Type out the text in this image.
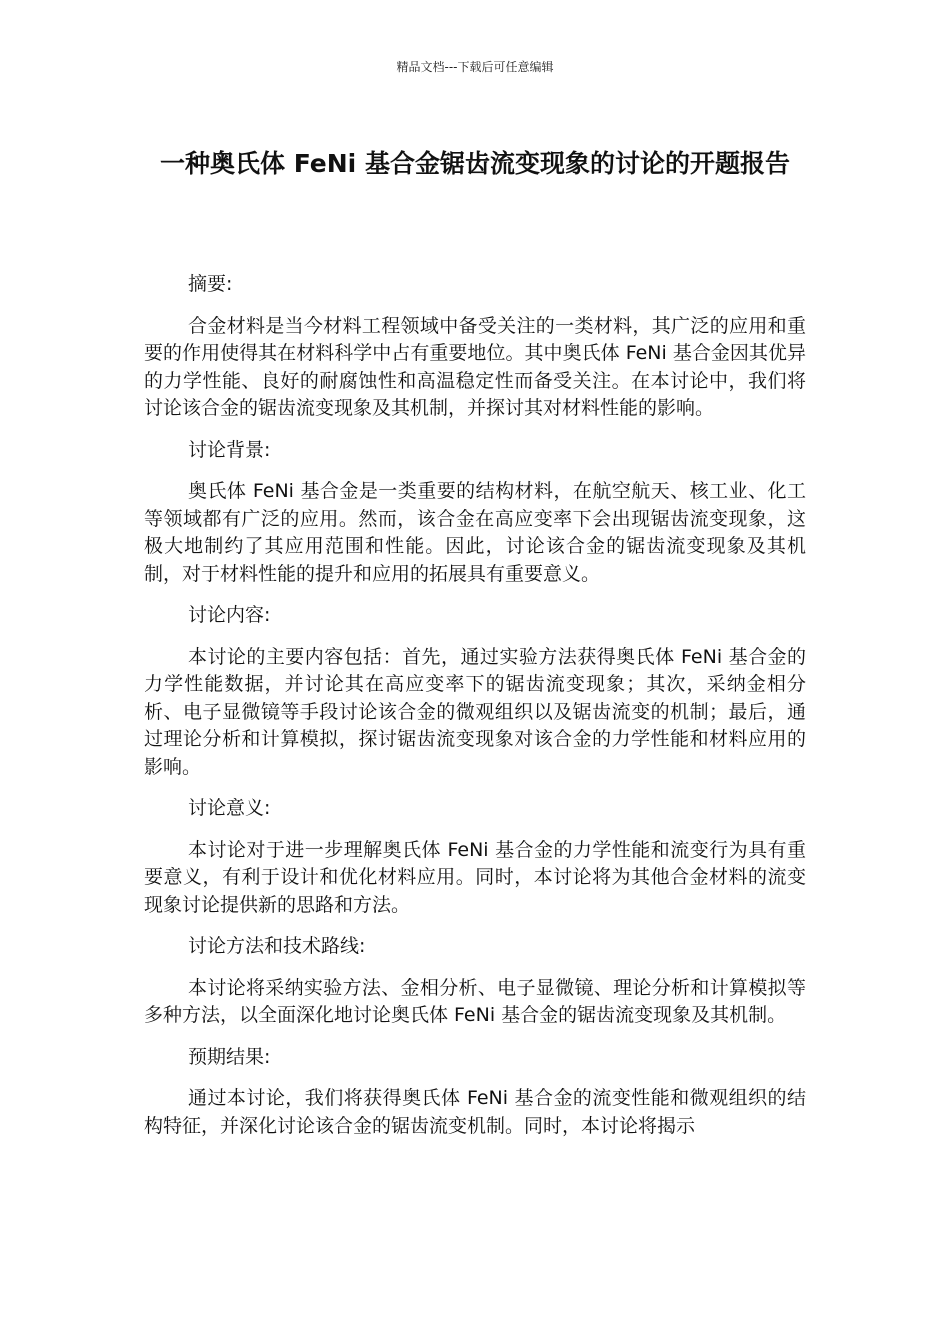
精品文档---下载后可任意编辑
一种奥氏体 FeNi 基合金锯齿流变现象的讨论的开题报告

摘要:

合金材料是当今材料工程领域中备受关注的一类材料，其广泛的应用和重要的作用使得其在材料科学中占有重要地位。其中奥氏体 FeNi 基合金因其优异的力学性能、良好的耐腐蚀性和高温稳定性而备受关注。在本讨论中，我们将讨论该合金的锯齿流变现象及其机制，并探讨其对材料性能的影响。

讨论背景:

奥氏体 FeNi 基合金是一类重要的结构材料，在航空航天、核工业、化工等领域都有广泛的应用。然而，该合金在高应变率下会出现锯齿流变现象，这极大地制约了其应用范围和性能。因此，讨论该合金的锯齿流变现象及其机制，对于材料性能的提升和应用的拓展具有重要意义。

讨论内容:

本讨论的主要内容包括：首先，通过实验方法获得奥氏体 FeNi 基合金的力学性能数据，并讨论其在高应变率下的锯齿流变现象；其次，采纳金相分析、电子显微镜等手段讨论该合金的微观组织以及锯齿流变的机制；最后，通过理论分析和计算模拟，探讨锯齿流变现象对该合金的力学性能和材料应用的影响。

讨论意义:

本讨论对于进一步理解奥氏体 FeNi 基合金的力学性能和流变行为具有重要意义，有利于设计和优化材料应用。同时，本讨论将为其他合金材料的流变现象讨论提供新的思路和方法。

讨论方法和技术路线:

本讨论将采纳实验方法、金相分析、电子显微镜、理论分析和计算模拟等多种方法，以全面深化地讨论奥氏体 FeNi 基合金的锯齿流变现象及其机制。

预期结果:

通过本讨论，我们将获得奥氏体 FeNi 基合金的流变性能和微观组织的结构特征，并深化讨论该合金的锯齿流变机制。同时，本讨论将揭示
